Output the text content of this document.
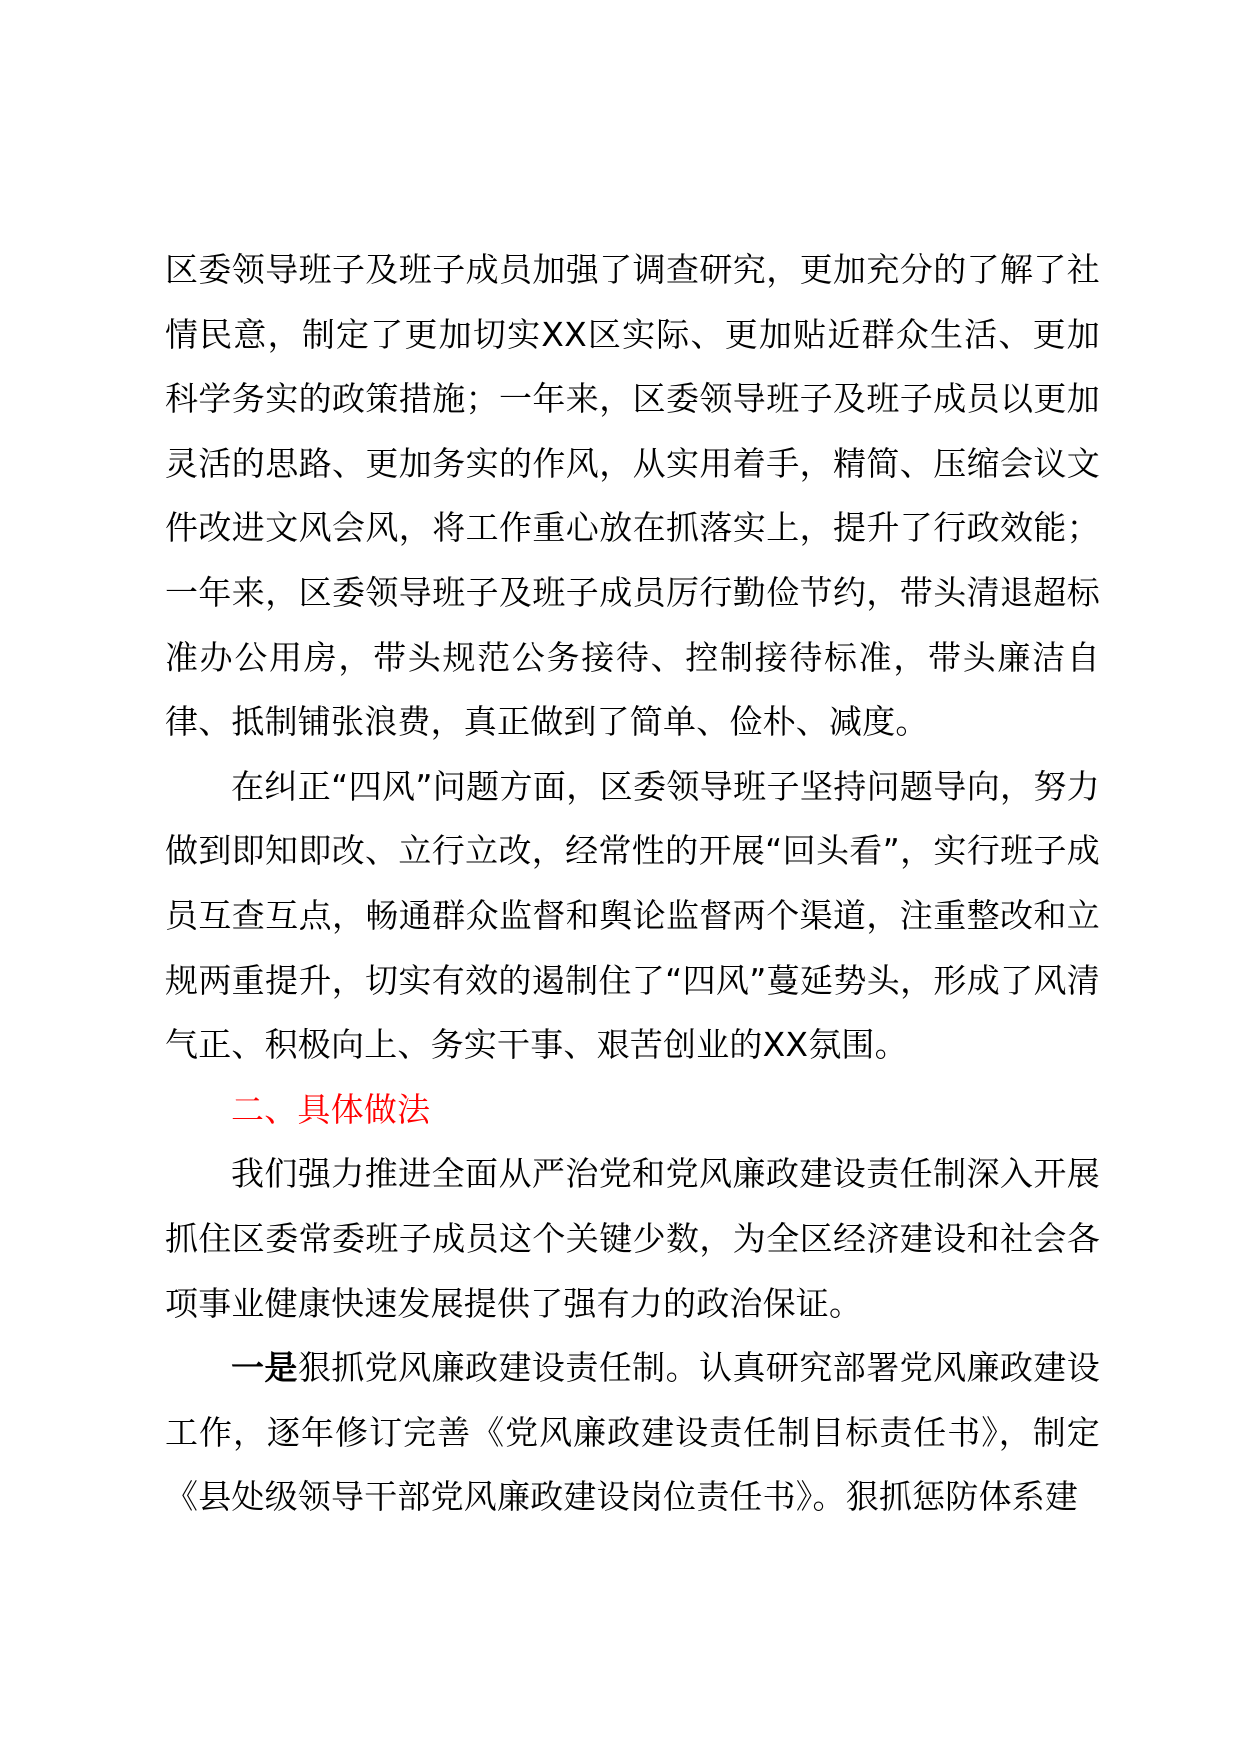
区委领导班子及班子成员加强了调查研究，更加充分的了解了社情民意，制定了更加切实XX区实际、更加贴近群众生活、更加科学务实的政策措施；一年来，区委领导班子及班子成员以更加灵活的思路、更加务实的作风，从实用着手，精简、压缩会议文件改进文风会风，将工作重心放在抓落实上，提升了行政效能；一年来，区委领导班子及班子成员厉行勤俭节约，带头清退超标准办公用房，带头规范公务接待、控制接待标准，带头廉洁自律、抵制铺张浪费，真正做到了简单、俭朴、减度。

在纠正“四风”问题方面，区委领导班子坚持问题导向，努力做到即知即改、立行立改，经常性的开展“回头看”，实行班子成员互查互点，畅通群众监督和舆论监督两个渠道，注重整改和立规两重提升，切实有效的遏制住了“四风”蔓延势头，形成了风清气正、积极向上、务实干事、艰苦创业的XX氛围。

二、具体做法

我们强力推进全面从严治党和党风廉政建设责任制深入开展抓住区委常委班子成员这个关键少数，为全区经济建设和社会各项事业健康快速发展提供了强有力的政治保证。

一是狠抓党风廉政建设责任制。认真研究部署党风廉政建设工作，逐年修订完善《党风廉政建设责任制目标责任书》，制定《县处级领导干部党风廉政建设岗位责任书》。狠抓惩防体系建
